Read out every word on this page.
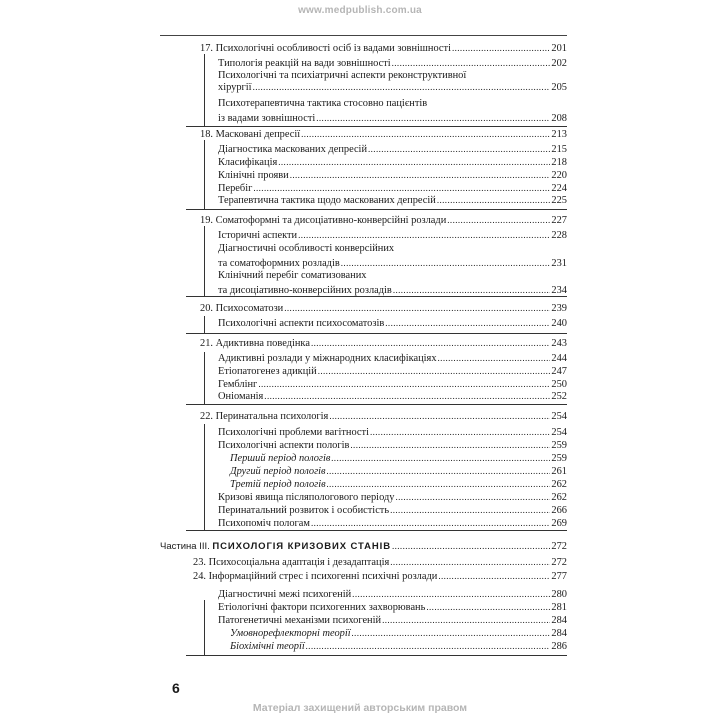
www.medpublish.com.ua
17. Психологічні особливості осіб із вадами зовнішності .....	201
Типологія реакцій на вади зовнішності .....	202
Психологічні та психіатричні аспекти реконструктивної
хірургії .....	205
Психотерапевтична тактика стосовно пацієнтів
із вадами зовнішності .....	208
18. Масковані депресії .....	213
Діагностика маскованих депресій .....	215
Класифікація .....	218
Клінічні прояви .....	220
Перебіг .....	224
Терапевтична тактика щодо маскованих депресій .....	225
19. Соматоформні та дисоціативно-конверсійні розлади .....	227
Історичні аспекти .....	228
Діагностичні особливості конверсійних
та соматоформних розладів .....	231
Клінічний перебіг соматизованих
та дисоціативно-конверсійних розладів .....	234
20. Психосоматози .....	239
Психологічні аспекти психосоматозів .....	240
21. Адиктивна поведінка .....	243
Адиктивні розлади у міжнародних класифікаціях .....	244
Етіопатогенез адикцій .....	247
Гемблінг .....	250
Оніоманія .....	252
22. Перинатальна психологія .....	254
Психологічні проблеми вагітності .....	254
Психологічні аспекти пологів .....	259
Перший період пологів .....	259
Другий період пологів .....	261
Третій період пологів .....	262
Кризові явища післяпологового періоду .....	262
Перинатальний розвиток і особистість .....	266
Психопоміч пологам .....	269
Частина ІІІ. ПСИХОЛОГІЯ КРИЗОВИХ СТАНІВ .....	272
23. Психосоціальна адаптація і дезадаптація .....	272
24. Інформаційний стрес і психогенні психічні розлади .....	277
Діагностичні межі психогеній .....	280
Етіологічні фактори психогенних захворювань .....	281
Патогенетичні механізми психогеній .....	284
Умовнорефлекторні теорії .....	284
Біохімічні теорії .....	286
6
Матеріал захищений авторським правом
